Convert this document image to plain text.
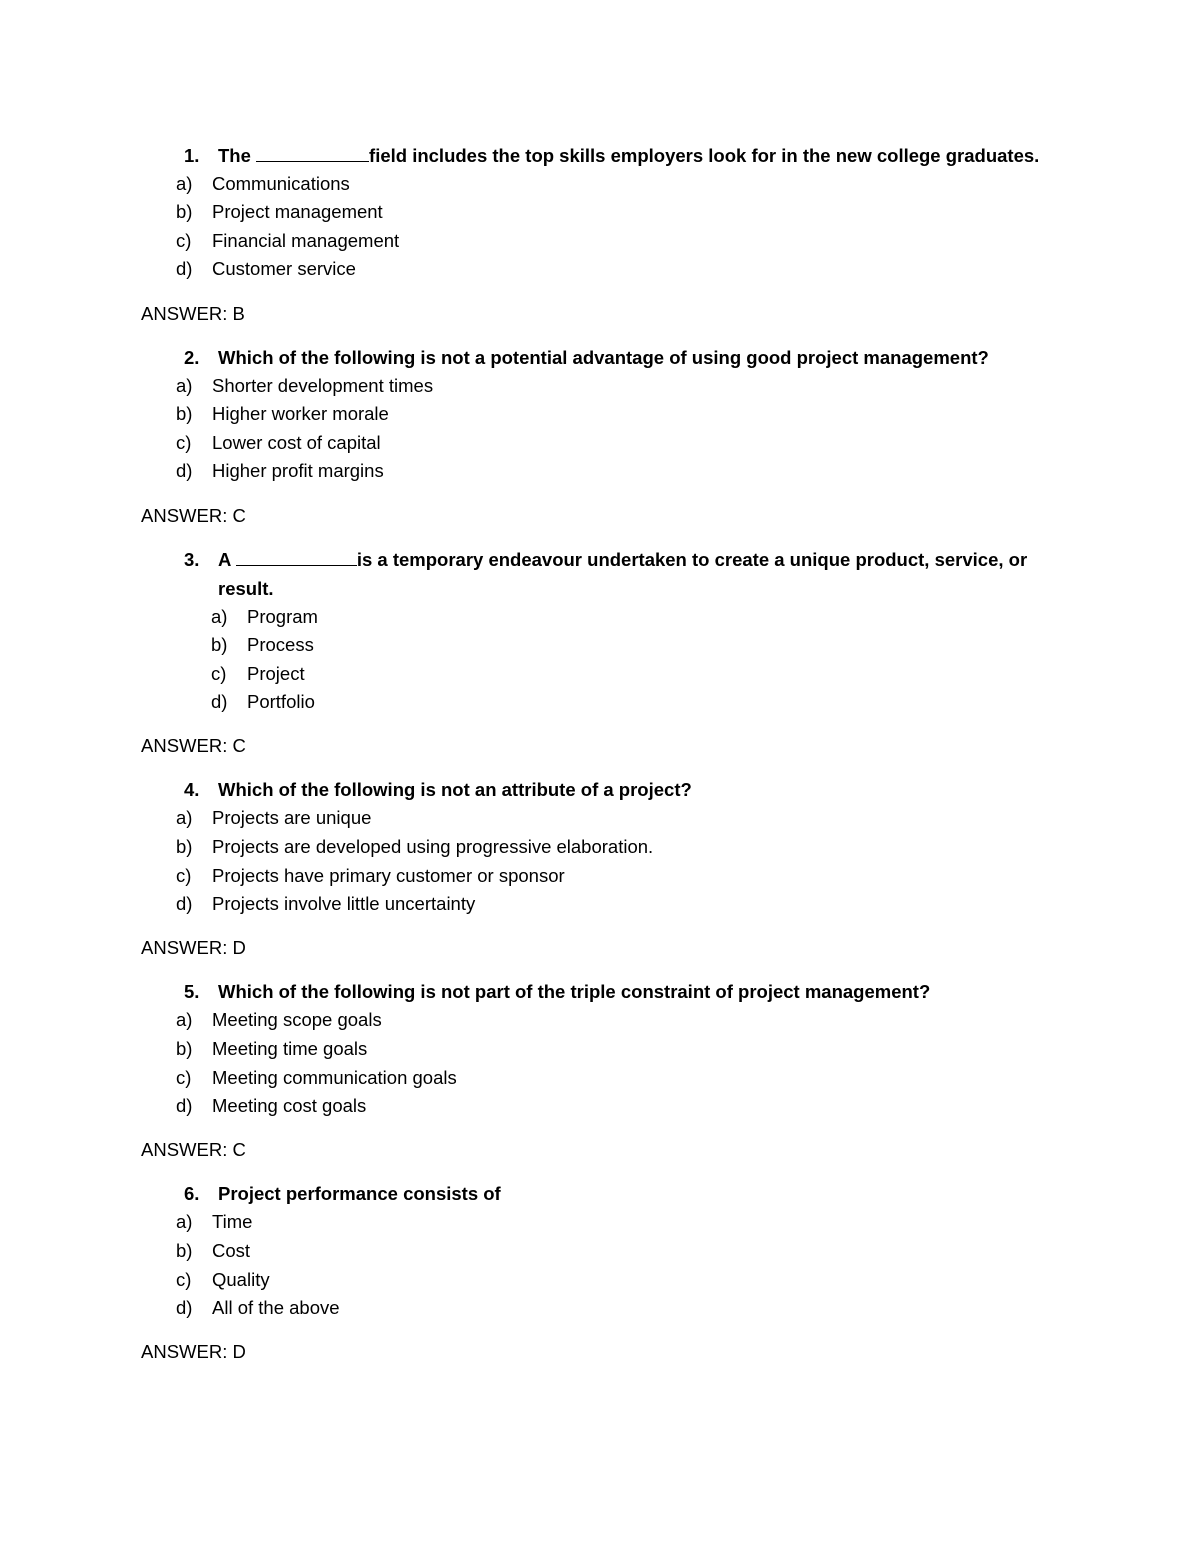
1. The	field includes the top skills employers look for in the new college graduates.
a) Communications
b) Project management
c) Financial management
d) Customer service
ANSWER: B
2. Which of the following is not a potential advantage of using good project management?
a) Shorter development times
b) Higher worker morale
c) Lower cost of capital
d) Higher profit margins
ANSWER: C
3.	A	is a temporary endeavour undertaken to create a unique product, service, or result.
a) Program
b) Process
c) Project
d) Portfolio
ANSWER: C
4. Which of the following is not an attribute of a project?
a) Projects are unique
b) Projects are developed using progressive elaboration.
c) Projects have primary customer or sponsor
d) Projects involve little uncertainty
ANSWER: D
5. Which of the following is not part of the triple constraint of project management?
a) Meeting scope goals
b) Meeting time goals
c) Meeting communication goals
d) Meeting cost goals
ANSWER: C
6. Project performance consists of
a) Time
b) Cost
c) Quality
d) All of the above
ANSWER: D
